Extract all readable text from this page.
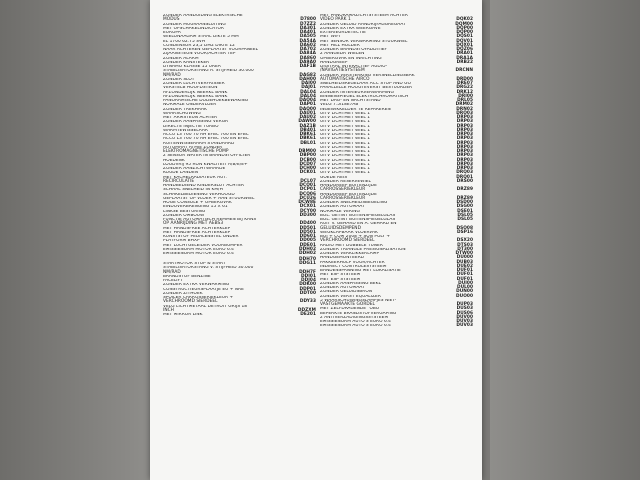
ZONDER AANDUIDING ELEKTRISCHE
MODUS	D7800
ZONDER MUURAANSLUITING	D7ZZ2
MET OPSCHAKELINDICATOR	DA301
EUROPA	DA401
WIELONAAGAM STAAL DIKTE 5 MM	DA505
EL 1700 62.75 SVH	DA54A
CONDENSOR 23,5 DM2 DIKTE 12	DA602
NAAR ACHTEREN GEPLAATST VOORPANEEL	DA702
ZIJAANSTEUN VOOR/ACHTER TEP	DA84A
ZONDER ALARM	DA860
ZONDER KANSTEKER	DA9A0
DYNAMO KLASSE 15 UREA	DAF1B
STABILISATORSTANG A. STIJFHEID 30.000
NM/RAD	DAG82
ZONDER SLOT	DAH00
ZONDER LUCHTVERFRISSER	DAI00
VERSTELB HOOFDSTEUN	DAJ01
AFZONDERLIJK NEERKL BANK	DAL04
AFZONDERLIJK NEERKL BANK	DAL04
PANORAMISCHE DODEHOEKBEWAKING	DAO04
NORMALE ONDERVLOER	DAP01
ZONDER TREKHAAK	DAQ00
WAARSCHUWING	DAU01
MET ARMSTEUN ACHTER	DAU02
ZONDER AANPASSING VERGR	DAW00
DIRECTE INJECTIE TURBO	DAZ1B
WARMTEWISSELAAR	DB401
ACCU L3 760 70 AH EFBC 760 EN EFBC	DBK61
ACCU L3 760 70 AH EFBC 760 EN EFBC	DBK61
RUITENWISSERARM STANDAARD	DBL01
AUTOMAAT ATMIE ZONDER
ELEKTROMAGNETISCHE POMP	DBM00
2 SENSOR WATER IN BRANDSTOFFILTER	DBP00
HOEDENK	DCB00
LOODVRIJ 95 RON KWALITEIT A/B/E/E+	DCD07
ZONDER AANZICHTWAARDE	DCH00
KOUDE LANDEN	DCK01
MET KACHELRADIATEUR AUT.
RECIRCULATIE	DCL07
HANDBEDIEND KINDERSLOT ACHTER	DCO01
SCHAAL SNELHEID IN KM/H	DCP01
SCHAKELBEDIENING VERHOOGD	DCQ06
GEPLAATST OP VLOER + AAN STUURWIEL	DCU26
HOGE CONSOLE + OPBERGVAK	DCW8E
EINDOVERBRENGING 15 X 61	DCX01
LINKSE BESTURING	DCY00
ZONDER OMBOUW	DD300
FUNCTIE AUTOMATISCH REMMEN BIJ KANS
OP AANRIJDING MET AEBS3	DD400
MET HANDSFREE ACHTERKLEP	DD501
MET HANDSFREE ACHTERKLEP	DD501
KUNSTSTOF PEDALENSTEL ONDER	DD601
PLATFORM BHXP	DD005
MET LUCHTGELEIDER VOORBUMPER	DDE01
EMISSIENORM MOTOR EURO 6.4	DDH02
EMISSIENORM MOTOR EURO 6.4	DDH02
DDH70
STARTMOTOR STOP & START	DDG11
STABILISATORSTANG V. STIJFHEID 30.000
NM/RAD	DDH7F
BRANDSTOF BENZINE	DDI01
FACELIFT	DDJ04
ZONDER EXTRA VERWARMING	DDK00
CONSTRUCTIEURSPLAATJE EU + NRE	DDP01
ZONDER ZITHOEK	DDT00
SPOILER CARROSSERIEKLEUR +
VERCHROOMD SIERDEEL	DDY33
VELG LICHTMETAAL DETROIT GRIJS 18
INCH	DDZXM
MET MIRROR LINK	DE201
MET PANORAMAZICHTSYSTEEM ACHTER
VIDEO PARK 1	DQK02
ZONDER GELUID AANDRIJFAGGREGAAT	DQM00
ZONDER EXTRA WEERGAVE	DQP00
EXTERIEURDETECTIE	DQP00
MET WIFI	DQS01
MET SENSOR VERWARMING STUURWIEL	DQV01
MET HILL HOLDER	DQX01
ZONDER BRANDSTOFADDITIEF	DQZ06
2 AANGEDR WIELEN	DRA01
OPBERGVAK EN INRICHTING	DRA1A
HANDGREEP	DRB22
DIGITAAL INTERACTIEF AUDIO-
/NAVIGATIESYSTEEM	DRCNN
ZONDER VERSTERKING VERSNELLINGSBAK
AUTOMATISCHE AIRCO	DRD00
SNELHEIDSREGELAAR ACC STOP AND GO	DRE07
PARALLELLE HOOGTEVERST BESTUURDER	DRG22
ZONDER INTERIEURVERWARMING	DRK12
BINNENSPIEGEL ELEKTROCHROMATISCH	DRI00
MET DAG- EN NACHTSTAND	DRL05
VELG 7.5I18E7AB	DRM02
INGEWIKKELDER TE REPAREREN	DRN02
UITV LICHTMET WIEL 1	DRO03
UITV LICHTMET WIEL 1	DRP03
UITV LICHTMET WIEL 1	DRP03
UITV LICHTMET WIEL 1	DRP03
UITV LICHTMET WIEL 1	DRP03
UITV LICHTMET WIEL 1	DRP03
UITV LICHTMET WIEL 1	DRP03
UITV LICHTMET WIEL 1	DRP03
UITV LICHTMET WIEL 1	DRP03
UITV LICHTMET WIEL 1	DRP03
UITV LICHTMET WIEL 1	DRP03
UITV LICHTMET WIEL 1	DRP03
UITV LICHTMET WIEL 1	DRP03
UITV LICHTMET WIEL 1	DRP03
UITV LICHTMET WIEL 1	DRQ03
GOEDE REIS	DRQ01
ZONDER RESERVEWIEL	DRS00
HANDGREEP BUITENZIJDE
CARROSSERIEKLEUR	DRZ89
HANDGREEP BUITENZIJDE
CARROSSERIEKLEUR	DRZ89
ZONDER SNELHEIDSBEGELING	DSD00
ZONDER AUTOMAAT	DSG00
NORMALE VERING	DSE01
BOL. GETINT BUITENSPIEGELGLAS	DSL05
BOL. GETINT BUITENSPIEGELGLAS	DSL05
RUIT V. GEHARD EN A. GEHARD EN
GELUIDSDEMPEND	DSO08
WEGKLAPBAAR VLOERVAK	DSP16
BOI + COM 2008 + SON POLY +
VERCHROOMD SIERDEEL	DSX20
RADIO MET DUBBELE TUNER	DTS03
ZONDER TRIANGLE PRESIGNALISATION	DT300
ZONDER VERKLIKKERLAMP	DTW00
HANDGEMONTEERD	DU000
PAKKEERHULP VOOR/ACHTER	DUB03
INDIRECT CONTROLESYSTEEM	DUE02
BANDENSPANNING MET LOKALISATIE	DUF01
MET ESP SYSTEEM	DUF01
MET ESP SYSTEEM	DUF01
ZONDER AANPASSING BEKL	DUI00
ZONDER AUTOMAAT	DUL00
ZONDER GELUIDSBRON	DUN00
ZONDER VERST EQUALIZER	DUO00
5 WAARSCHUWINGSLAMPJES NIET-
VASTGEMAAKTE GORDEL	DUP03
MET ZELFDRAGENDE "OBO"	DUS03
BEPERKTE BRANDSTOFVERGAPING	DUS06
2 ANTIVERZADIGINGSSYSTEEM	DUV00
EMISSIENORM AUTO'S EURO 6.4	DUV03
EMISSIENORM AUTO'S EURO 6.4	DUV03
